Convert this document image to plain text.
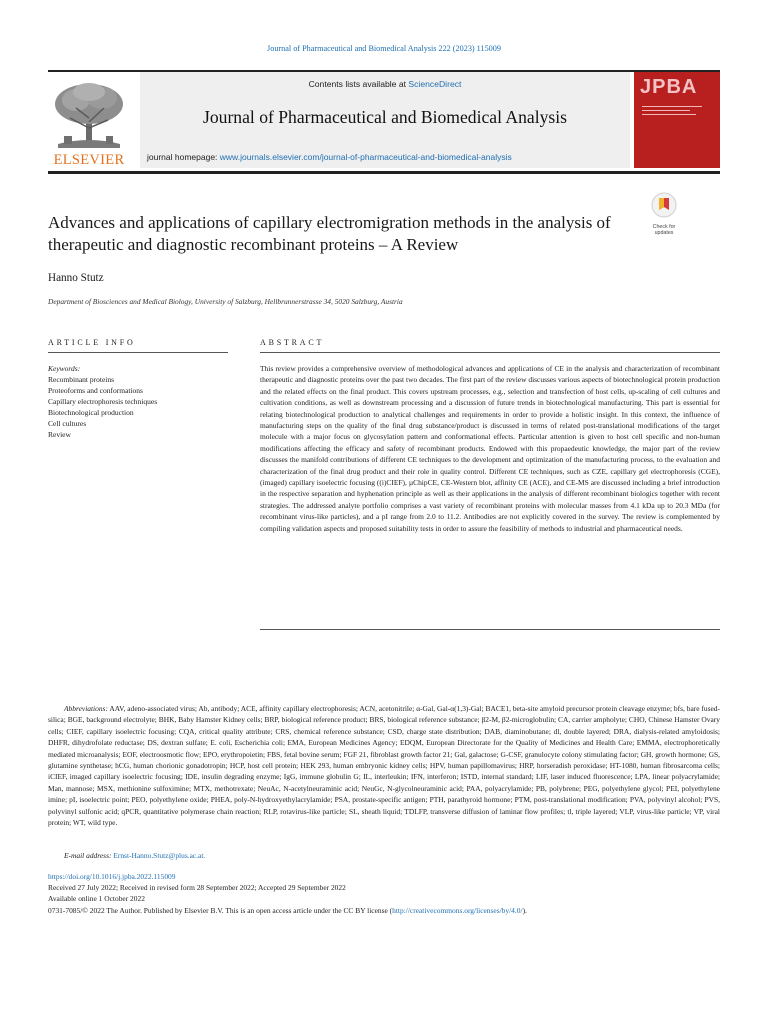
Journal of Pharmaceutical and Biomedical Analysis 222 (2023) 115009
ELSEVIER
Contents lists available at ScienceDirect
Journal of Pharmaceutical and Biomedical Analysis
journal homepage: www.journals.elsevier.com/journal-of-pharmaceutical-and-biomedical-analysis
JPBA
Advances and applications of capillary electromigration methods in the analysis of therapeutic and diagnostic recombinant proteins – A Review
Check for updates
Hanno Stutz
Department of Biosciences and Medical Biology, University of Salzburg, Hellbrunnerstrasse 34, 5020 Salzburg, Austria
ARTICLE INFO	ABSTRACT
Keywords:
Recombinant proteins
Proteoforms and conformations
Capillary electrophoresis techniques
Biotechnological production
Cell cultures
Review
This review provides a comprehensive overview of methodological advances and applications of CE in the analysis and characterization of recombinant therapeutic and diagnostic proteins over the past two decades. The first part of the review discusses various aspects of biotechnological protein production and the related effects on the final product. This covers upstream processes, e.g., selection and transfection of host cells, up-scaling of cell cultures and cultivation conditions, as well as downstream processing and a discussion of future trends in biotechnological manufacturing. This part is essential for relating biotechnological production to analytical challenges and requirements in order to provide a holistic insight. In this context, the influence of manufacturing steps on the quality of the final drug substance/product is discussed in terms of related post-translational modifications of the target molecule with a major focus on glycosylation pattern and conformational effects. Particular attention is given to host cell specific and non-human modifications affecting the efficacy and safety of recombinant products. Endowed with this propaedeutic knowledge, the major part of the review discusses the manifold contributions of different CE techniques to the development and optimization of the manufacturing process, to the evaluation and characterization of the final drug product and their role in quality control. Different CE techniques, such as CZE, capillary gel electrophoresis (CGE), (imaged) capillary isoelectric focusing ((i)CIEF), µChipCE, CE-Western blot, affinity CE (ACE), and CE-MS are discussed including a brief introduction in the respective separation and hyphenation principle as well as their applications in the analysis of different recombinant biologics together with recent strategies. The addressed analyte portfolio comprises a vast variety of recombinant proteins with molecular masses from 4.1 kDa up to 20.3 MDa (for recombinant virus-like particles), and a pI range from 2.0 to 11.2. Antibodies are not explicitly covered in the survey. The review is complemented by compiling validation aspects and proposed suitability tests in order to assure the feasibility of methods to industrial and pharmaceutical needs.
Abbreviations: AAV, adeno-associated virus; Ab, antibody; ACE, affinity capillary electrophoresis; ACN, acetonitrile; α-Gal, Gal-α(1,3)-Gal; BACE1, beta-site amyloid precursor protein cleavage enzyme; bfs, bare fused-silica; BGE, background electrolyte; BHK, Baby Hamster Kidney cells; BRP, biological reference product; BRS, biological reference substance; β2-M, β2-microglobulin; CA, carrier ampholyte; CHO, Chinese Hamster Ovary cells; CIEF, capillary isoelectric focusing; CQA, critical quality attribute; CRS, chemical reference substance; CSD, charge state distribution; DAB, diaminobutane; dl, double layered; DRA, dialysis-related amyloidosis; DHFR, dihydrofolate reductase; DS, dextran sulfate; E. coli, Escherichia coli; EMA, European Medicines Agency; EDQM, European Directorate for the Quality of Medicines and Health Care; EMMA, electrophoretically mediated microanalysis; EOF, electroosmotic flow; EPO, erythropoietin; FBS, fetal bovine serum; FGF 21, fibroblast growth factor 21; Gal, galactose; G-CSF, granulocyte colony stimulating factor; GH, growth hormone; GS, glutamine synthetase; hCG, human chorionic gonadotropin; HCP, host cell protein; HEK 293, human embryonic kidney cells; HPV, human papillomavirus; HRP, horseradish peroxidase; HT-1080, human fibrosarcoma cells; iCIEF, imaged capillary isoelectric focusing; IDE, insulin degrading enzyme; IgG, immune globulin G; IL, interleukin; IFN, interferon; ISTD, internal standard; LIF, laser induced fluorescence; LPA, linear polyacrylamide; Man, mannose; MSX, methionine sulfoximine; MTX, methotrexate; NeuAc, N-acetylneuraminic acid; NeuGc, N-glycolneuraminic acid; PAA, polyacrylamide; PB, polybrene; PEG, polyethylene glycol; PEI, polyethylene imine; pI, isoelectric point; PEO, polyethylene oxide; PHEA, poly-N-hydroxyethylacrylamide; PSA, prostate-specific antigen; PTH, parathyroid hormone; PTM, post-translational modification; PVA, polyvinyl alcohol; PVS, polyvinyl sulfonic acid; qPCR, quantitative polymerase chain reaction; RLP, rotavirus-like particle; SL, sheath liquid; TDLFP, transverse diffusion of laminar flow profiles; tl, triple layered; VLP, virus-like particle; VP, viral protein; WT, wild type.
E-mail address: Ernst-Hanno.Stutz@plus.ac.at.
https://doi.org/10.1016/j.jpba.2022.115009
Received 27 July 2022; Received in revised form 28 September 2022; Accepted 29 September 2022
Available online 1 October 2022
0731-7085/© 2022 The Author. Published by Elsevier B.V. This is an open access article under the CC BY license (http://creativecommons.org/licenses/by/4.0/).
